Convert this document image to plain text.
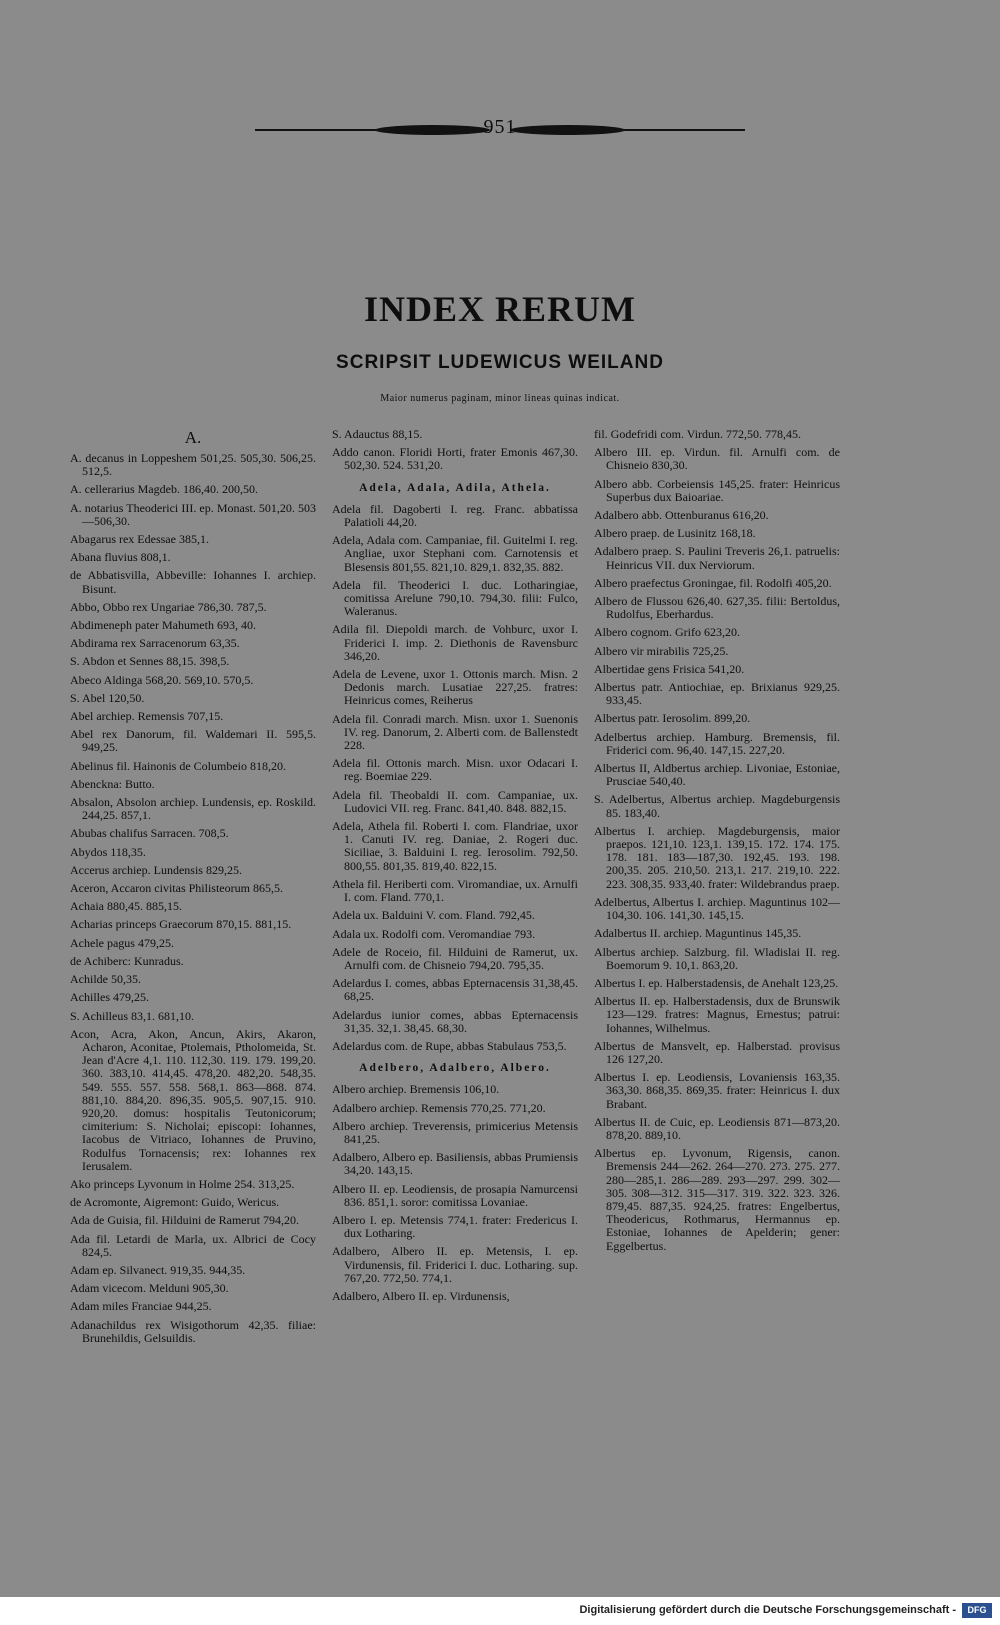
951
INDEX RERUM
SCRIPSIT LUDEWICUS WEILAND
Maior numerus paginam, minor lineas quinas indicat.
A.
A. decanus in Loppeshem 501,25. 505,30. 506,25. 512,5.
A. cellerarius Magdeb. 186,40. 200,50.
A. notarius Theoderici III. ep. Monast. 501,20. 503—506,30.
Abagarus rex Edessae 385,1.
Abana fluvius 808,1.
de Abbatisvilla, Abbeville: Iohannes I. archiep. Bisunt.
Abbo, Obbo rex Ungariae 786,30. 787,5.
Abdimeneph pater Mahumeth 693, 40.
Abdirama rex Sarracenorum 63,35.
S. Abdon et Sennes 88,15. 398,5.
Abeco Aldinga 568,20. 569,10. 570,5.
S. Abel 120,50.
Abel archiep. Remensis 707,15.
Abel rex Danorum, fil. Waldemari II. 595,5. 949,25.
Abelinus fil. Hainonis de Columbeio 818,20.
Abenckna: Butto.
Absalon, Absolon archiep. Lundensis, ep. Roskild. 244,25. 857,1.
Abubas chalifus Sarracen. 708,5.
Abydos 118,35.
Accerus archiep. Lundensis 829,25.
Aceron, Accaron civitas Philisteorum 865,5.
Achaia 880,45. 885,15.
Acharias princeps Graecorum 870,15. 881,15.
Achele pagus 479,25.
de Achiberc: Kunradus.
Achilde 50,35.
Achilles 479,25.
S. Achilleus 83,1. 681,10.
Acon, Acra, Akon, Ancun, Akirs, Akaron, Acharon, Aconitae, Ptolemais, Ptholomeida, St. Jean d'Acre 4,1. 110. 112,30. 119. 179. 199,20. 360. 383,10. 414,45. 478,20. 482,20. 548,35. 549. 555. 557. 558. 568,1. 863—868. 874. 881,10. 884,20. 896,35. 905,5. 907,15. 910. 920,20. domus: hospitalis Teutonicorum; cimiterium: S. Nicholai; episcopi: Iohannes, Iacobus de Vitriaco, Iohannes de Pruvino, Rodulfus Tornacensis; rex: Iohannes rex Ierusalem.
Ako princeps Lyvonum in Holme 254. 313,25.
de Acromonte, Aigremont: Guido, Wericus.
Ada de Guisia, fil. Hilduini de Ramerut 794,20.
Ada fil. Letardi de Marla, ux. Albrici de Cocy 824,5.
Adam ep. Silvanect. 919,35. 944,35.
Adam vicecom. Melduni 905,30.
Adam miles Franciae 944,25.
Adanachildus rex Wisigothorum 42,35. filiae: Brunehildis, Gelsuildis.
S. Adauctus 88,15.
Addo canon. Floridi Horti, frater Emonis 467,30. 502,30. 524. 531,20.
Adela, Adala, Adila, Athela.
Adela fil. Dagoberti I. reg. Franc. abbatissa Palatioli 44,20.
Adela, Adala com. Campaniae, fil. Guitelmi I. reg. Angliae, uxor Stephani com. Carnotensis et Blesensis 801,55. 821,10. 829,1. 832,35. 882.
Adela fil. Theoderici I. duc. Lotharingiae, comitissa Arelune 790,10. 794,30. filii: Fulco, Waleranus.
Adila fil. Diepoldi march. de Vohburc, uxor I. Friderici I. imp. 2. Diethonis de Ravensburc 346,20.
Adela de Levene, uxor 1. Ottonis march. Misn. 2 Dedonis march. Lusatiae 227,25. fratres: Heinricus comes, Reiherus
Adela fil. Conradi march. Misn. uxor 1. Suenonis IV. reg. Danorum, 2. Alberti com. de Ballenstedt 228.
Adela fil. Ottonis march. Misn. uxor Odacari I. reg. Boemiae 229.
Adela fil. Theobaldi II. com. Campaniae, ux. Ludovici VII. reg. Franc. 841,40. 848. 882,15.
Adela, Athela fil. Roberti I. com. Flandriae, uxor 1. Canuti IV. reg. Daniae, 2. Rogeri duc. Siciliae, 3. Balduini I. reg. Ierosolim. 792,50. 800,55. 801,35. 819,40. 822,15.
Athela fil. Heriberti com. Viromandiae, ux. Arnulfi I. com. Fland. 770,1.
Adela ux. Balduini V. com. Fland. 792,45.
Adala ux. Rodolfi com. Veromandiae 793.
Adele de Roceio, fil. Hilduini de Ramerut, ux. Arnulfi com. de Chisneio 794,20. 795,35.
Adelardus I. comes, abbas Epternacensis 31,38,45. 68,25.
Adelardus iunior comes, abbas Epternacensis 31,35. 32,1. 38,45. 68,30.
Adelardus com. de Rupe, abbas Stabulaus 753,5.
Adelbero, Adalbero, Albero.
Albero archiep. Bremensis 106,10.
Adalbero archiep. Remensis 770,25. 771,20.
Albero archiep. Treverensis, primicerius Metensis 841,25.
Adalbero, Albero ep. Basiliensis, abbas Prumiensis 34,20. 143,15.
Albero II. ep. Leodiensis, de prosapia Namurcensi 836. 851,1. soror: comitissa Lovaniae.
Albero I. ep. Metensis 774,1. frater: Fredericus I. dux Lotharing.
Adalbero, Albero II. ep. Metensis, I. ep. Virdunensis, fil. Friderici I. duc. Lotharing. sup. 767,20. 772,50. 774,1.
Adalbero, Albero II. ep. Virdunensis,
fil. Godefridi com. Virdun. 772,50. 778,45.
Albero III. ep. Virdun. fil. Arnulfi com. de Chisneio 830,30.
Albero abb. Corbeiensis 145,25. frater: Heinricus Superbus dux Baioariae.
Adalbero abb. Ottenburanus 616,20.
Albero praep. de Lusinitz 168,18.
Adalbero praep. S. Paulini Treveris 26,1. patruelis: Heinricus VII. dux Nerviorum.
Albero praefectus Groningae, fil. Rodolfi 405,20.
Albero de Flussou 626,40. 627,35. filii: Bertoldus, Rudolfus, Eberhardus.
Albero cognom. Grifo 623,20.
Albero vir mirabilis 725,25.
Albertidae gens Frisica 541,20.
Albertus patr. Antiochiae, ep. Brixianus 929,25. 933,45.
Albertus patr. Ierosolim. 899,20.
Adelbertus archiep. Hamburg. Bremensis, fil. Friderici com. 96,40. 147,15. 227,20.
Albertus II, Aldbertus archiep. Livoniae, Estoniae, Prusciae 540,40.
S. Adelbertus, Albertus archiep. Magdeburgensis 85. 183,40.
Albertus I. archiep. Magdeburgensis, maior praepos. 121,10. 123,1. 139,15. 172. 174. 175. 178. 181. 183—187,30. 192,45. 193. 198. 200,35. 205. 210,50. 213,1. 217. 219,10. 222. 223. 308,35. 933,40. frater: Wildebrandus praep.
Adelbertus, Albertus I. archiep. Maguntinus 102—104,30. 106. 141,30. 145,15.
Adalbertus II. archiep. Maguntinus 145,35.
Albertus archiep. Salzburg. fil. Wladislai II. reg. Boemorum 9. 10,1. 863,20.
Albertus I. ep. Halberstadensis, de Anehalt 123,25.
Albertus II. ep. Halberstadensis, dux de Brunswik 123—129. fratres: Magnus, Ernestus; patrui: Iohannes, Wilhelmus.
Albertus de Mansvelt, ep. Halberstad. provisus 126 127,20.
Albertus I. ep. Leodiensis, Lovaniensis 163,35. 363,30. 868,35. 869,35. frater: Heinricus I. dux Brabant.
Albertus II. de Cuic, ep. Leodiensis 871—873,20. 878,20. 889,10.
Albertus ep. Lyvonum, Rigensis, canon. Bremensis 244—262. 264—270. 273. 275. 277. 280—285,1. 286—289. 293—297. 299. 302—305. 308—312. 315—317. 319. 322. 323. 326. 879,45. 887,35. 924,25. fratres: Engelbertus, Theodericus, Rothmarus, Hermannus ep. Estoniae, Iohannes de Apelderin; gener: Eggelbertus.
Digitalisierung gefördert durch die Deutsche Forschungsgemeinschaft -	DFG
